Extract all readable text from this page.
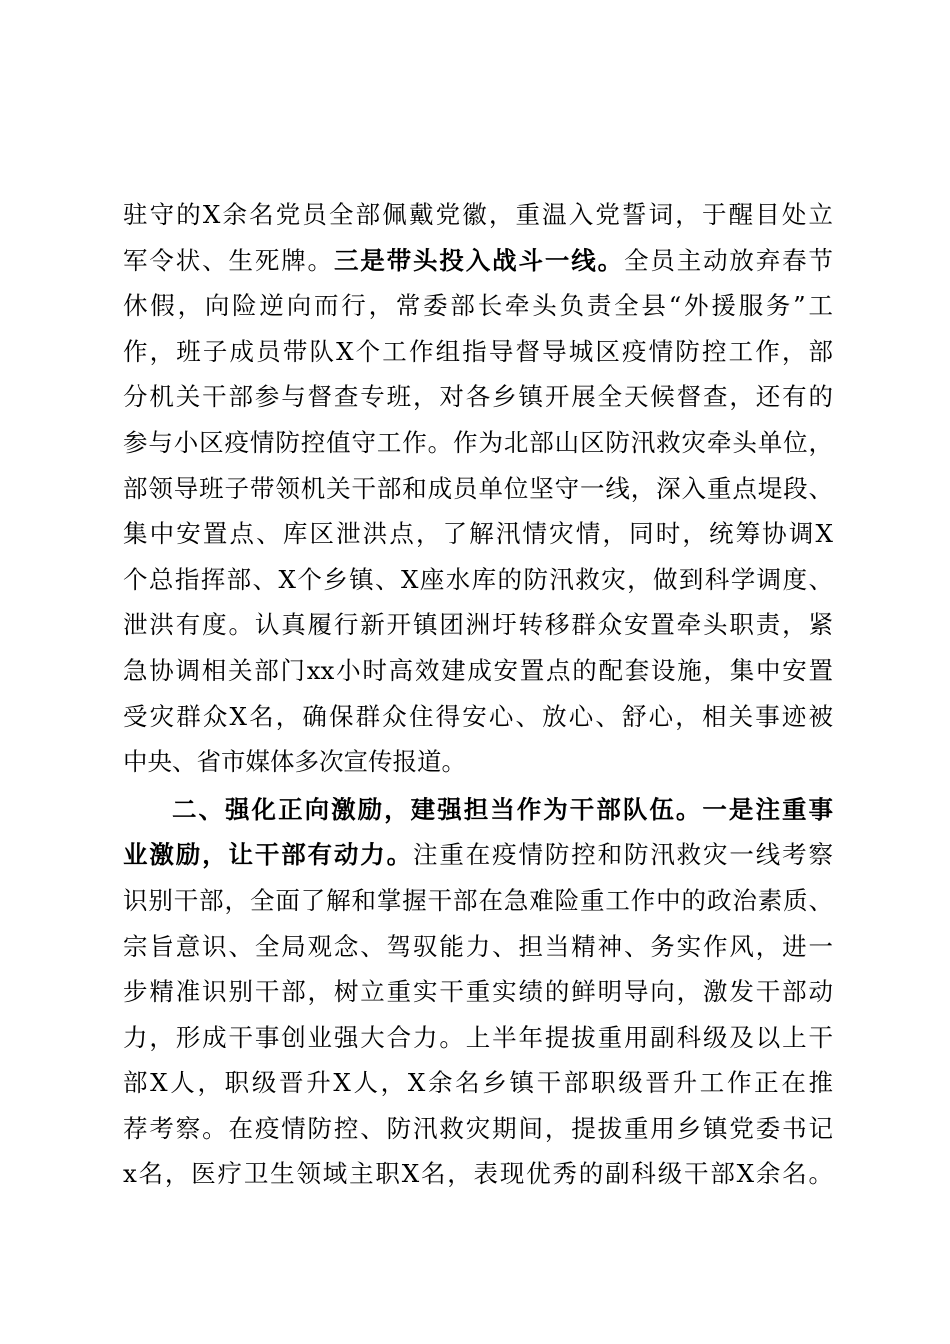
驻守的X余名党员全部佩戴党徽，重温入党誓词，于醒目处立
军令状、生死牌。三是带头投入战斗一线。全员主动放弃春节
休假，向险逆向而行，常委部长牵头负责全县“外援服务”工
作，班子成员带队X个工作组指导督导城区疫情防控工作，部
分机关干部参与督查专班，对各乡镇开展全天候督查，还有的
参与小区疫情防控值守工作。作为北部山区防汛救灾牵头单位，
部领导班子带领机关干部和成员单位坚守一线，深入重点堤段、
集中安置点、库区泄洪点，了解汛情灾情，同时，统筹协调X
个总指挥部、X个乡镇、X座水库的防汛救灾，做到科学调度、
泄洪有度。认真履行新开镇团洲圩转移群众安置牵头职责，紧
急协调相关部门xx小时高效建成安置点的配套设施，集中安置
受灾群众X名，确保群众住得安心、放心、舒心，相关事迹被
中央、省市媒体多次宣传报道。
二、强化正向激励，建强担当作为干部队伍。一是注重事
业激励，让干部有动力。注重在疫情防控和防汛救灾一线考察
识别干部，全面了解和掌握干部在急难险重工作中的政治素质、
宗旨意识、全局观念、驾驭能力、担当精神、务实作风，进一
步精准识别干部，树立重实干重实绩的鲜明导向，激发干部动
力，形成干事创业强大合力。上半年提拔重用副科级及以上干
部X人，职级晋升X人，X余名乡镇干部职级晋升工作正在推
荐考察。在疫情防控、防汛救灾期间，提拔重用乡镇党委书记
x名，医疗卫生领域主职X名，表现优秀的副科级干部X余名。
